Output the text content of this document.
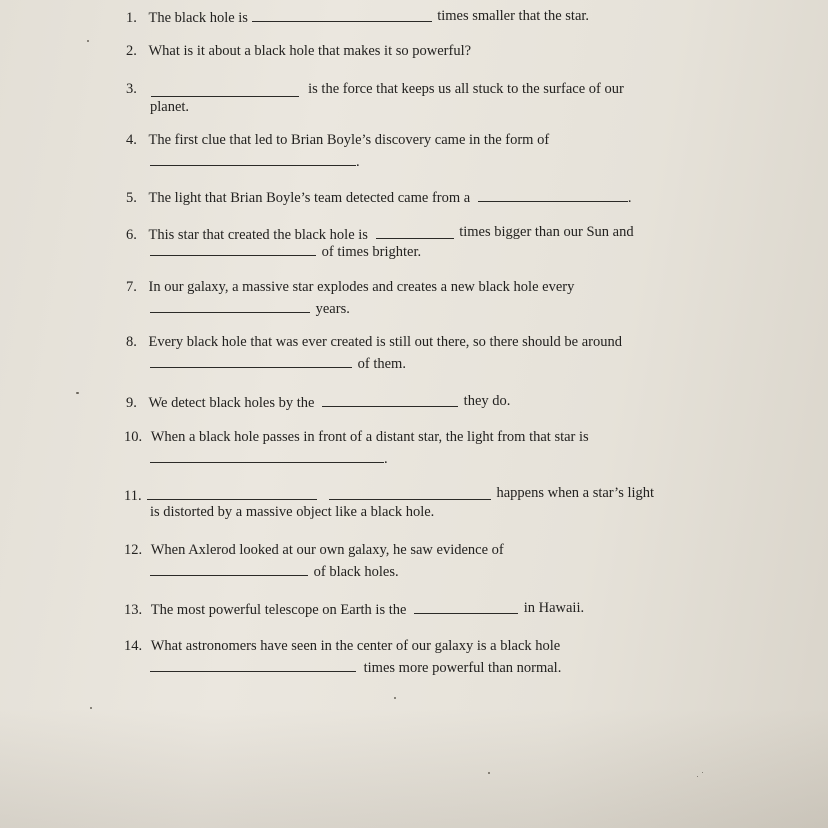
1. The black hole is	times smaller that the star.
2. What is it about a black hole that makes it so powerful?
3.	is the force that keeps us all stuck to the surface of our
planet.
4. The first clue that led to Brian Boyle’s discovery came in the form of
.
5. The light that Brian Boyle’s team detected came from a	.
6. This star that created the black hole is	times bigger than our Sun and
of times brighter.
7. In our galaxy, a massive star explodes and creates a new black hole every
years.
8. Every black hole that was ever created is still out there, so there should be around
of them.
9. We detect black holes by the	they do.
10. When a black hole passes in front of a distant star, the light from that star is
.
11.	happens when a star’s light
is distorted by a massive object like a black hole.
12. When Axlerod looked at our own galaxy, he saw evidence of
of black holes.
13. The most powerful telescope on Earth is the	in Hawaii.
14. What astronomers have seen in the center of our galaxy is a black hole
times more powerful than normal.
